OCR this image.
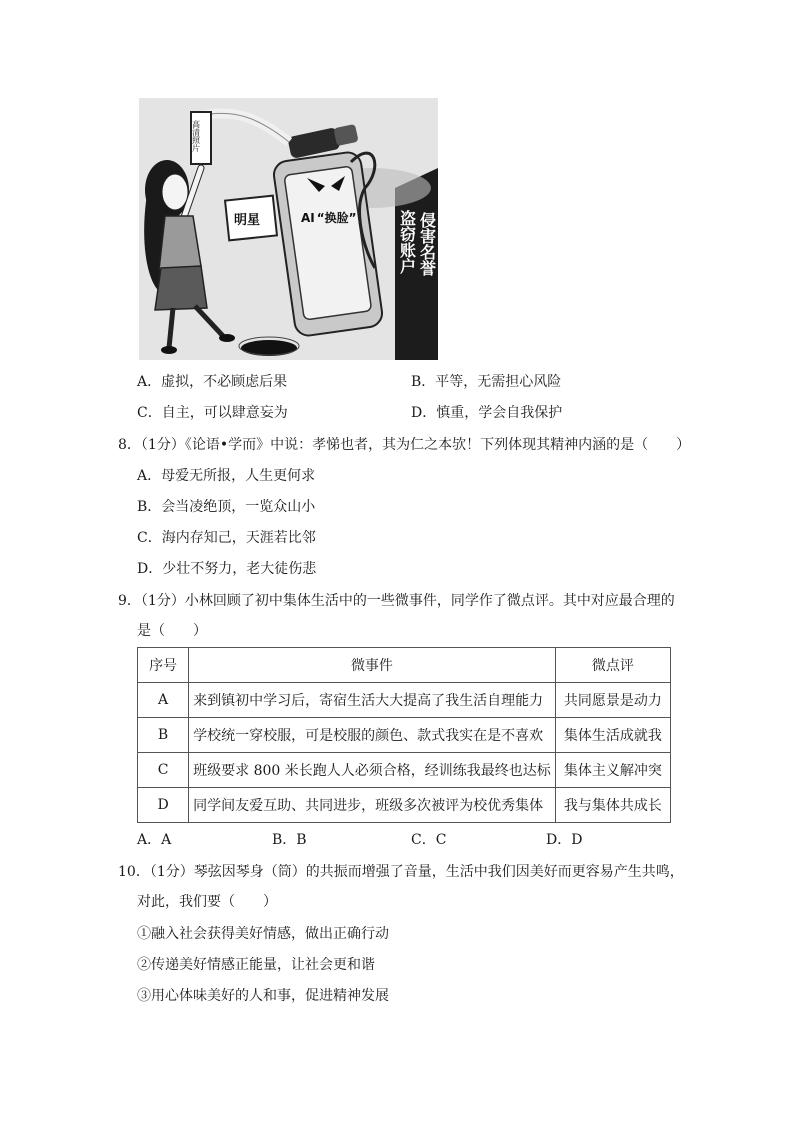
侵害名誉
盗窃账户
AI “换脸”
高清照片
明星
A．虚拟，不必顾虑后果	B．平等，无需担心风险
C．自主，可以肆意妄为	D．慎重，学会自我保护
8．（1分）《论语•学而》中说：孝悌也者，其为仁之本欤！下列体现其精神内涵的是（　　）
A．母爱无所报，人生更何求
B．会当凌绝顶，一览众山小
C．海内存知己，天涯若比邻
D．少壮不努力，老大徒伤悲
9．（1分）小林回顾了初中集体生活中的一些微事件，同学作了微点评。其中对应最合理的
是（　　）
序号	微事件	微点评
A	来到镇初中学习后，寄宿生活大大提高了我生活自理能力	共同愿景是动力
B	学校统一穿校服，可是校服的颜色、款式我实在是不喜欢	集体生活成就我
C	班级要求 800 米长跑人人必须合格，经训练我最终也达标	集体主义解冲突
D	同学间友爱互助、共同进步，班级多次被评为校优秀集体	我与集体共成长
A．A	B．B	C．C	D．D
10．（1分）琴弦因琴身（筒）的共振而增强了音量，生活中我们因美好而更容易产生共鸣，
对此，我们要（　　）
①融入社会获得美好情感，做出正确行动
②传递美好情感正能量，让社会更和谐
③用心体味美好的人和事，促进精神发展
